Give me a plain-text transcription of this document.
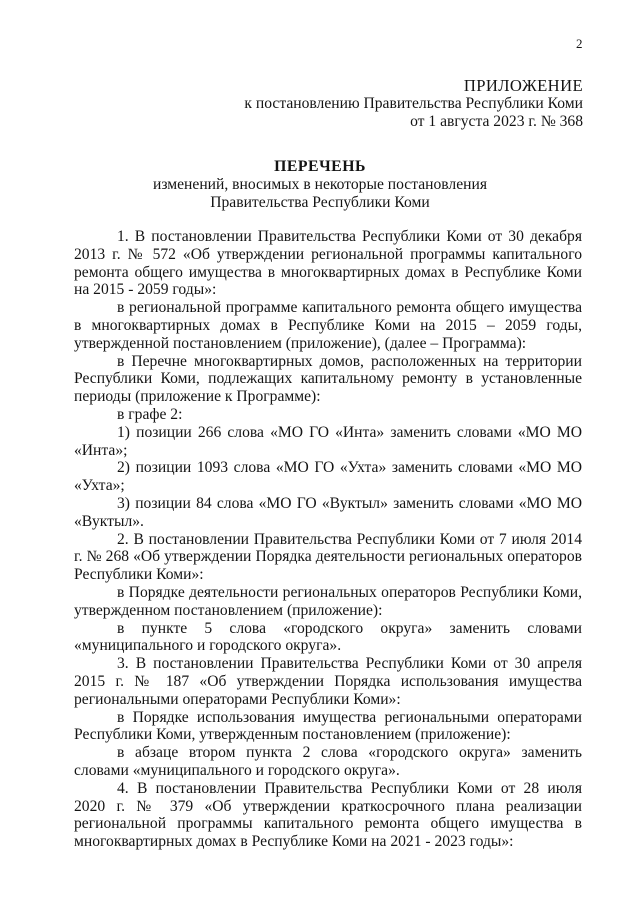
2
ПРИЛОЖЕНИЕ
к постановлению Правительства Республики Коми
от 1 августа 2023 г. № 368
ПЕРЕЧЕНЬ
изменений, вносимых в некоторые постановления
Правительства Республики Коми

1. В постановлении Правительства Республики Коми от 30 декабря 2013 г. № 572 «Об утверждении региональной программы капитального ремонта общего имущества в многоквартирных домах в Республике Коми на 2015 - 2059 годы»:

в региональной программе капитального ремонта общего имущества в многоквартирных домах в Республике Коми на 2015 – 2059 годы, утвержденной постановлением (приложение), (далее – Программа):

в Перечне многоквартирных домов, расположенных на территории Республики Коми, подлежащих капитальному ремонту в установленные периоды (приложение к Программе):

в графе 2:

1) позиции 266 слова «МО ГО «Инта» заменить словами «МО МО «Инта»;

2) позиции 1093 слова «МО ГО «Ухта» заменить словами «МО МО «Ухта»;

3) позиции 84 слова «МО ГО «Вуктыл» заменить словами «МО МО «Вуктыл».

2. В постановлении Правительства Республики Коми от 7 июля 2014 г. № 268 «Об утверждении Порядка деятельности региональных операторов Республики Коми»:

в Порядке деятельности региональных операторов Республики Коми, утвержденном постановлением (приложение):

в пункте 5 слова «городского округа» заменить словами

«муниципального и городского округа».

3. В постановлении Правительства Республики Коми от 30 апреля 2015 г. № 187 «Об утверждении Порядка использования имущества региональными операторами Республики Коми»:

в Порядке использования имущества региональными операторами Республики Коми, утвержденным постановлением (приложение):

в абзаце втором пункта 2 слова «городского округа» заменить словами «муниципального и городского округа».

4. В постановлении Правительства Республики Коми от 28 июля 2020 г. № 379 «Об утверждении краткосрочного плана реализации региональной программы капитального ремонта общего имущества в многоквартирных домах в Республике Коми на 2021 - 2023 годы»:
